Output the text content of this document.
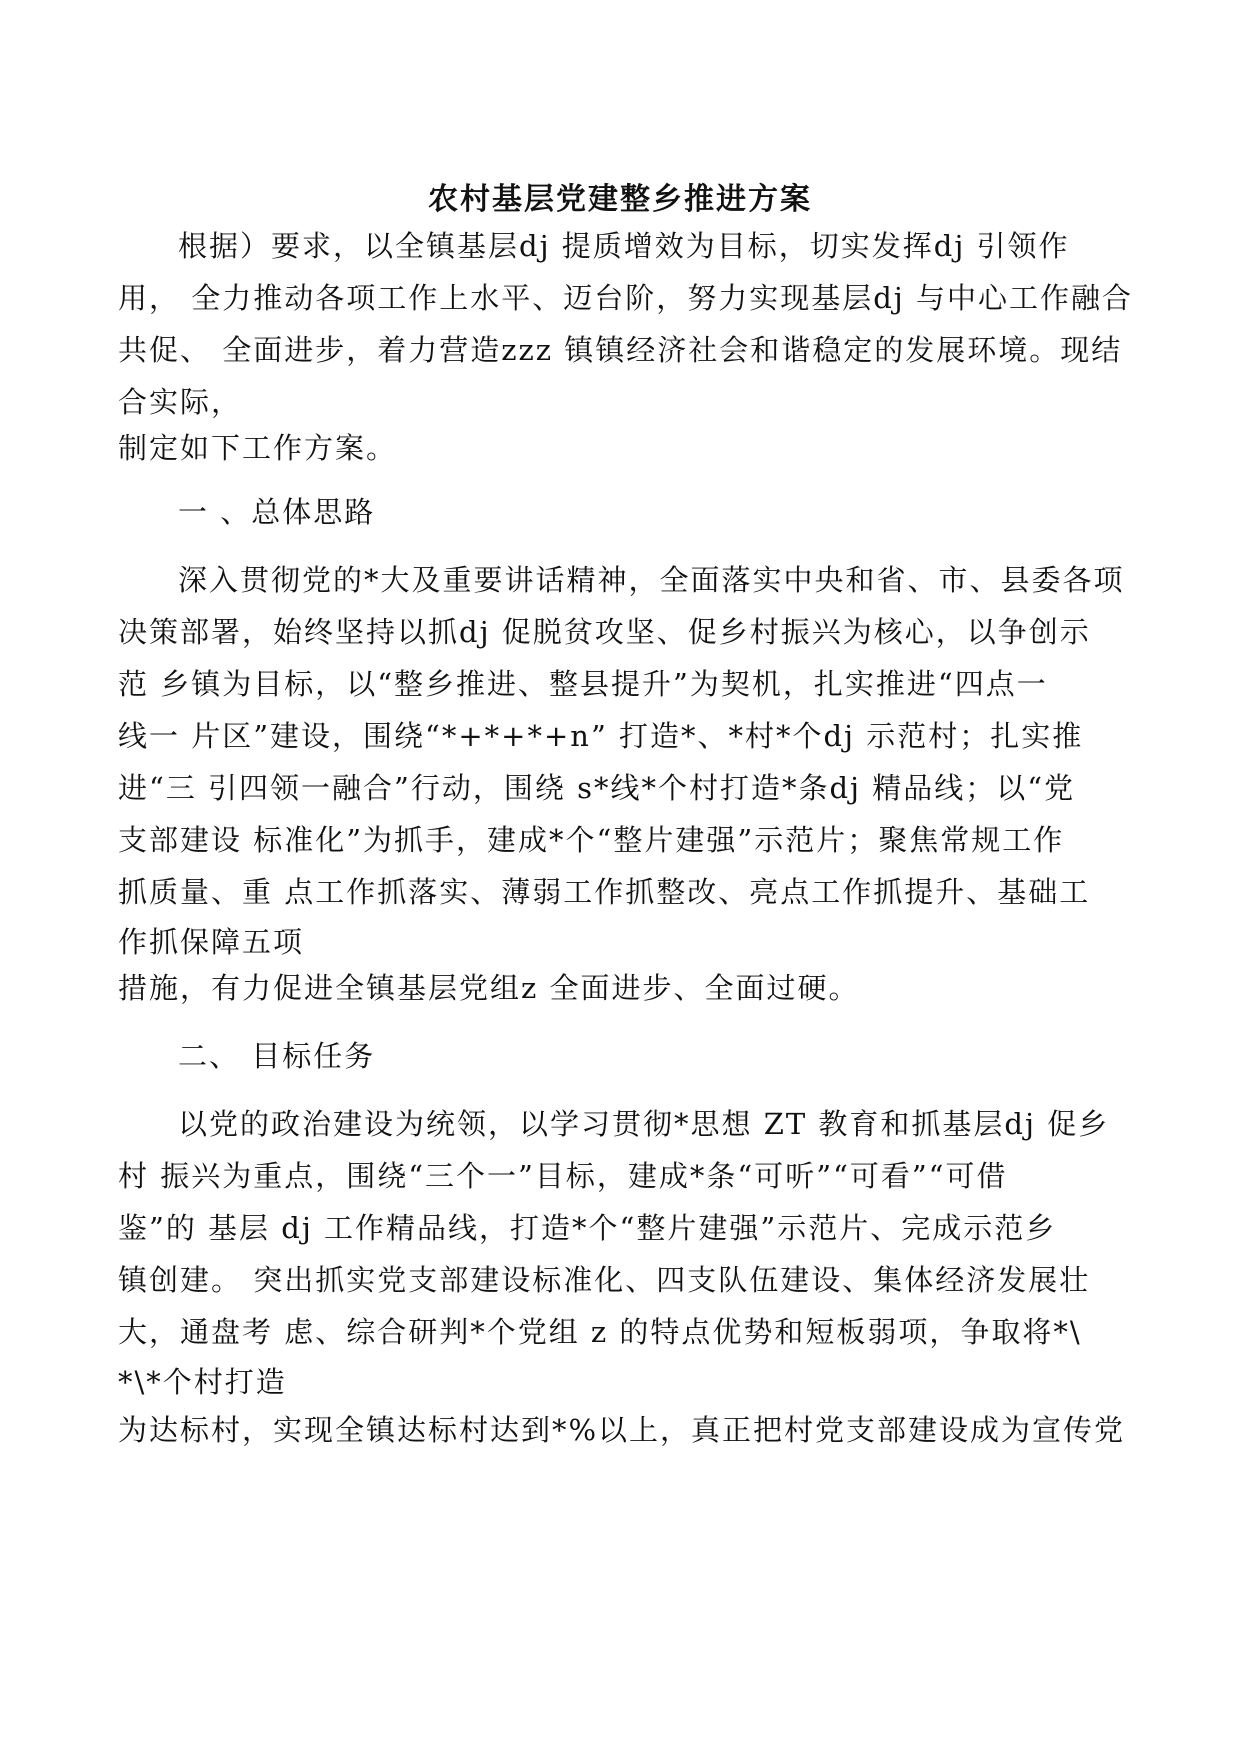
农村基层党建整乡推进方案
根据）要求，以全镇基层dj 提质增效为目标，切实发挥dj 引领作
用， 全力推动各项工作上水平、迈台阶，努力实现基层dj 与中心工作融合
共促、 全面进步，着力营造zzz 镇镇经济社会和谐稳定的发展环境。现结
合实际，
制定如下工作方案。
一 、总体思路
深入贯彻党的*大及重要讲话精神，全面落实中央和省、市、县委各项
决策部署，始终坚持以抓dj 促脱贫攻坚、促乡村振兴为核心，以争创示
范 乡镇为目标，以“整乡推进、整县提升”为契机，扎实推进“四点一
线一 片区”建设，围绕“*+*+*+n” 打造*、*村*个dj 示范村；扎实推
进“三 引四领一融合”行动，围绕 s*线*个村打造*条dj 精品线；以“党
支部建设 标准化”为抓手，建成*个“整片建强”示范片；聚焦常规工作
抓质量、重 点工作抓落实、薄弱工作抓整改、亮点工作抓提升、基础工
作抓保障五项
措施，有力促进全镇基层党组z 全面进步、全面过硬。
二、 目标任务
以党的政治建设为统领，以学习贯彻*思想 ZT 教育和抓基层dj 促乡
村 振兴为重点，围绕“三个一”目标，建成*条“可听”“可看”“可借
鉴”的 基层 dj 工作精品线，打造*个“整片建强”示范片、完成示范乡
镇创建。 突出抓实党支部建设标准化、四支队伍建设、集体经济发展壮
大，通盘考 虑、综合研判*个党组 z 的特点优势和短板弱项，争取将*\
*\*个村打造
为达标村，实现全镇达标村达到*%以上，真正把村党支部建设成为宣传党
